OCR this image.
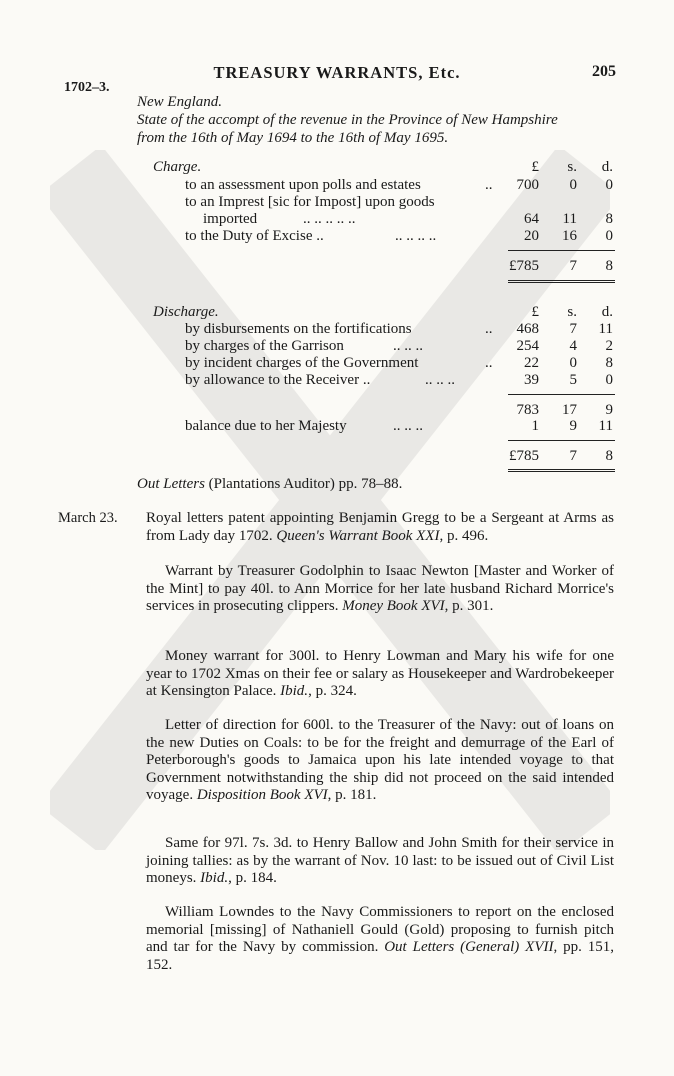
1702–3.
TREASURY WARRANTS, Etc.	205
New England.
State of the accompt of the revenue in the Province of New Hampshire
from the 16th of May 1694 to the 16th of May 1695.
Charge.	£	s.	d.
to an assessment upon polls and estates	.. 700	0	0
to an Imprest [sic for Impost] upon goods
imported	.. .. .. .. ..	64	11	8
to the Duty of Excise ..	.. .. .. ..	20	16	0
£785	7	8
Discharge.	£	s.	d.
by disbursements on the fortifications	.. 468	7	11
by charges of the Garrison	.. .. ..	254	4	2
by incident charges of the Government	.. 22	0	8
by allowance to the Receiver ..	.. .. ..	39	5	0
783	17	9
balance due to her Majesty	.. .. ..	1	9	11
£785	7	8
Out Letters (Plantations Auditor) pp. 78–88.
March 23. Royal letters patent appointing Benjamin Gregg to be a Sergeant at Arms as from Lady day 1702. Queen's Warrant Book XXI, p. 496.
Warrant by Treasurer Godolphin to Isaac Newton [Master and Worker of the Mint] to pay 40l. to Ann Morrice for her late husband Richard Morrice's services in prosecuting clippers. Money Book XVI, p. 301.
Money warrant for 300l. to Henry Lowman and Mary his wife for one year to 1702 Xmas on their fee or salary as Housekeeper and Wardrobekeeper at Kensington Palace. Ibid., p. 324.
Letter of direction for 600l. to the Treasurer of the Navy: out of loans on the new Duties on Coals: to be for the freight and demurrage of the Earl of Peterborough's goods to Jamaica upon his late intended voyage to that Government notwithstanding the ship did not proceed on the said intended voyage. Disposition Book XVI, p. 181.
Same for 97l. 7s. 3d. to Henry Ballow and John Smith for their service in joining tallies: as by the warrant of Nov. 10 last: to be issued out of Civil List moneys. Ibid., p. 184.
William Lowndes to the Navy Commissioners to report on the enclosed memorial [missing] of Nathaniell Gould (Gold) proposing to furnish pitch and tar for the Navy by commission. Out Letters (General) XVII, pp. 151, 152.
